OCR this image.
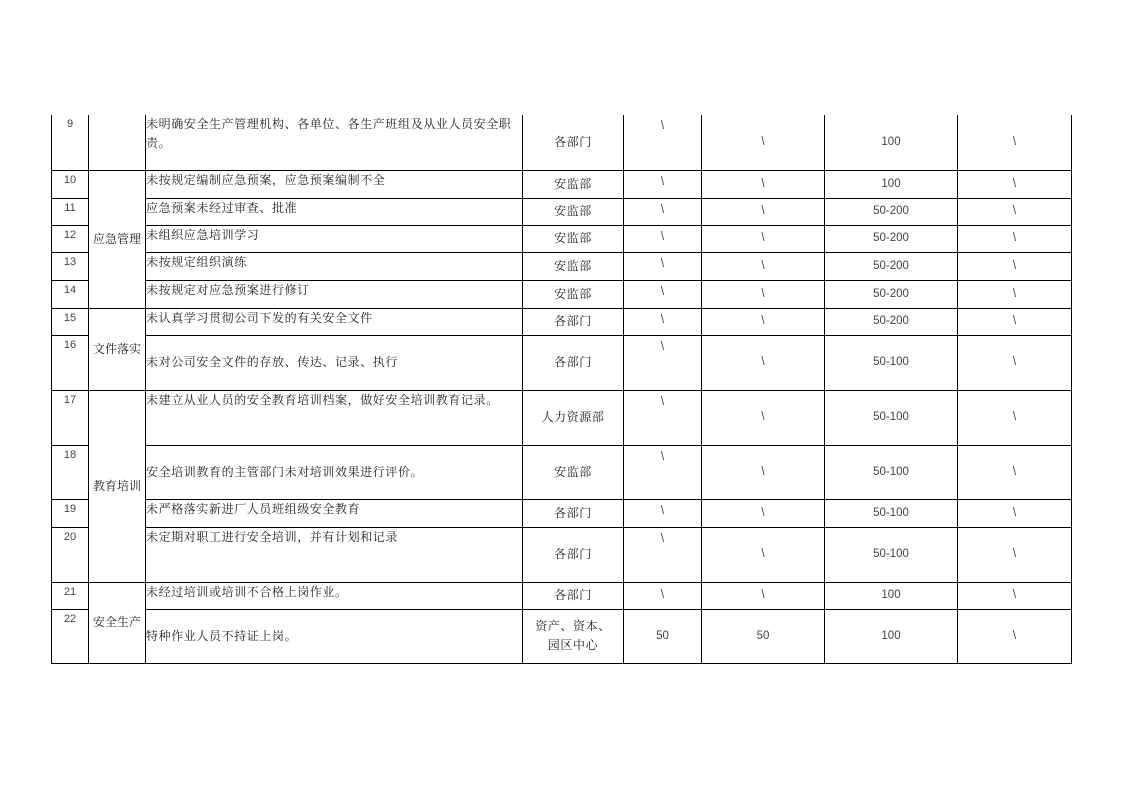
9		未明确安全生产管理机构、各单位、各生产班组及从业人员安全职责。	各部门	\	\	100	\
10	应急管理	未按规定编制应急预案，应急预案编制不全	安监部	\	\	100	\
11		应急预案未经过审查、批准	安监部	\	\	50-200	\
12		未组织应急培训学习	安监部	\	\	50-200	\
13		未按规定组织演练	安监部	\	\	50-200	\
14		未按规定对应急预案进行修订	安监部	\	\	50-200	\
15	文件落实	未认真学习贯彻公司下发的有关安全文件	各部门	\	\	50-200	\
16		未对公司安全文件的存放、传达、记录、执行	各部门	\	\	50-100	\
17	教育培训	未建立从业人员的安全教育培训档案，做好安全培训教育记录。	人力资源部	\	\	50-100	\
18		安全培训教育的主管部门未对培训效果进行评价。	安监部	\	\	50-100	\
19		未严格落实新进厂人员班组级安全教育	各部门	\	\	50-100	\
20		未定期对职工进行安全培训，并有计划和记录	各部门	\	\	50-100	\
21	安全生产	未经过培训或培训不合格上岗作业。	各部门	\	\	100	\
22		特种作业人员不持证上岗。	资产、资本、园区中心	50	50	100	\
